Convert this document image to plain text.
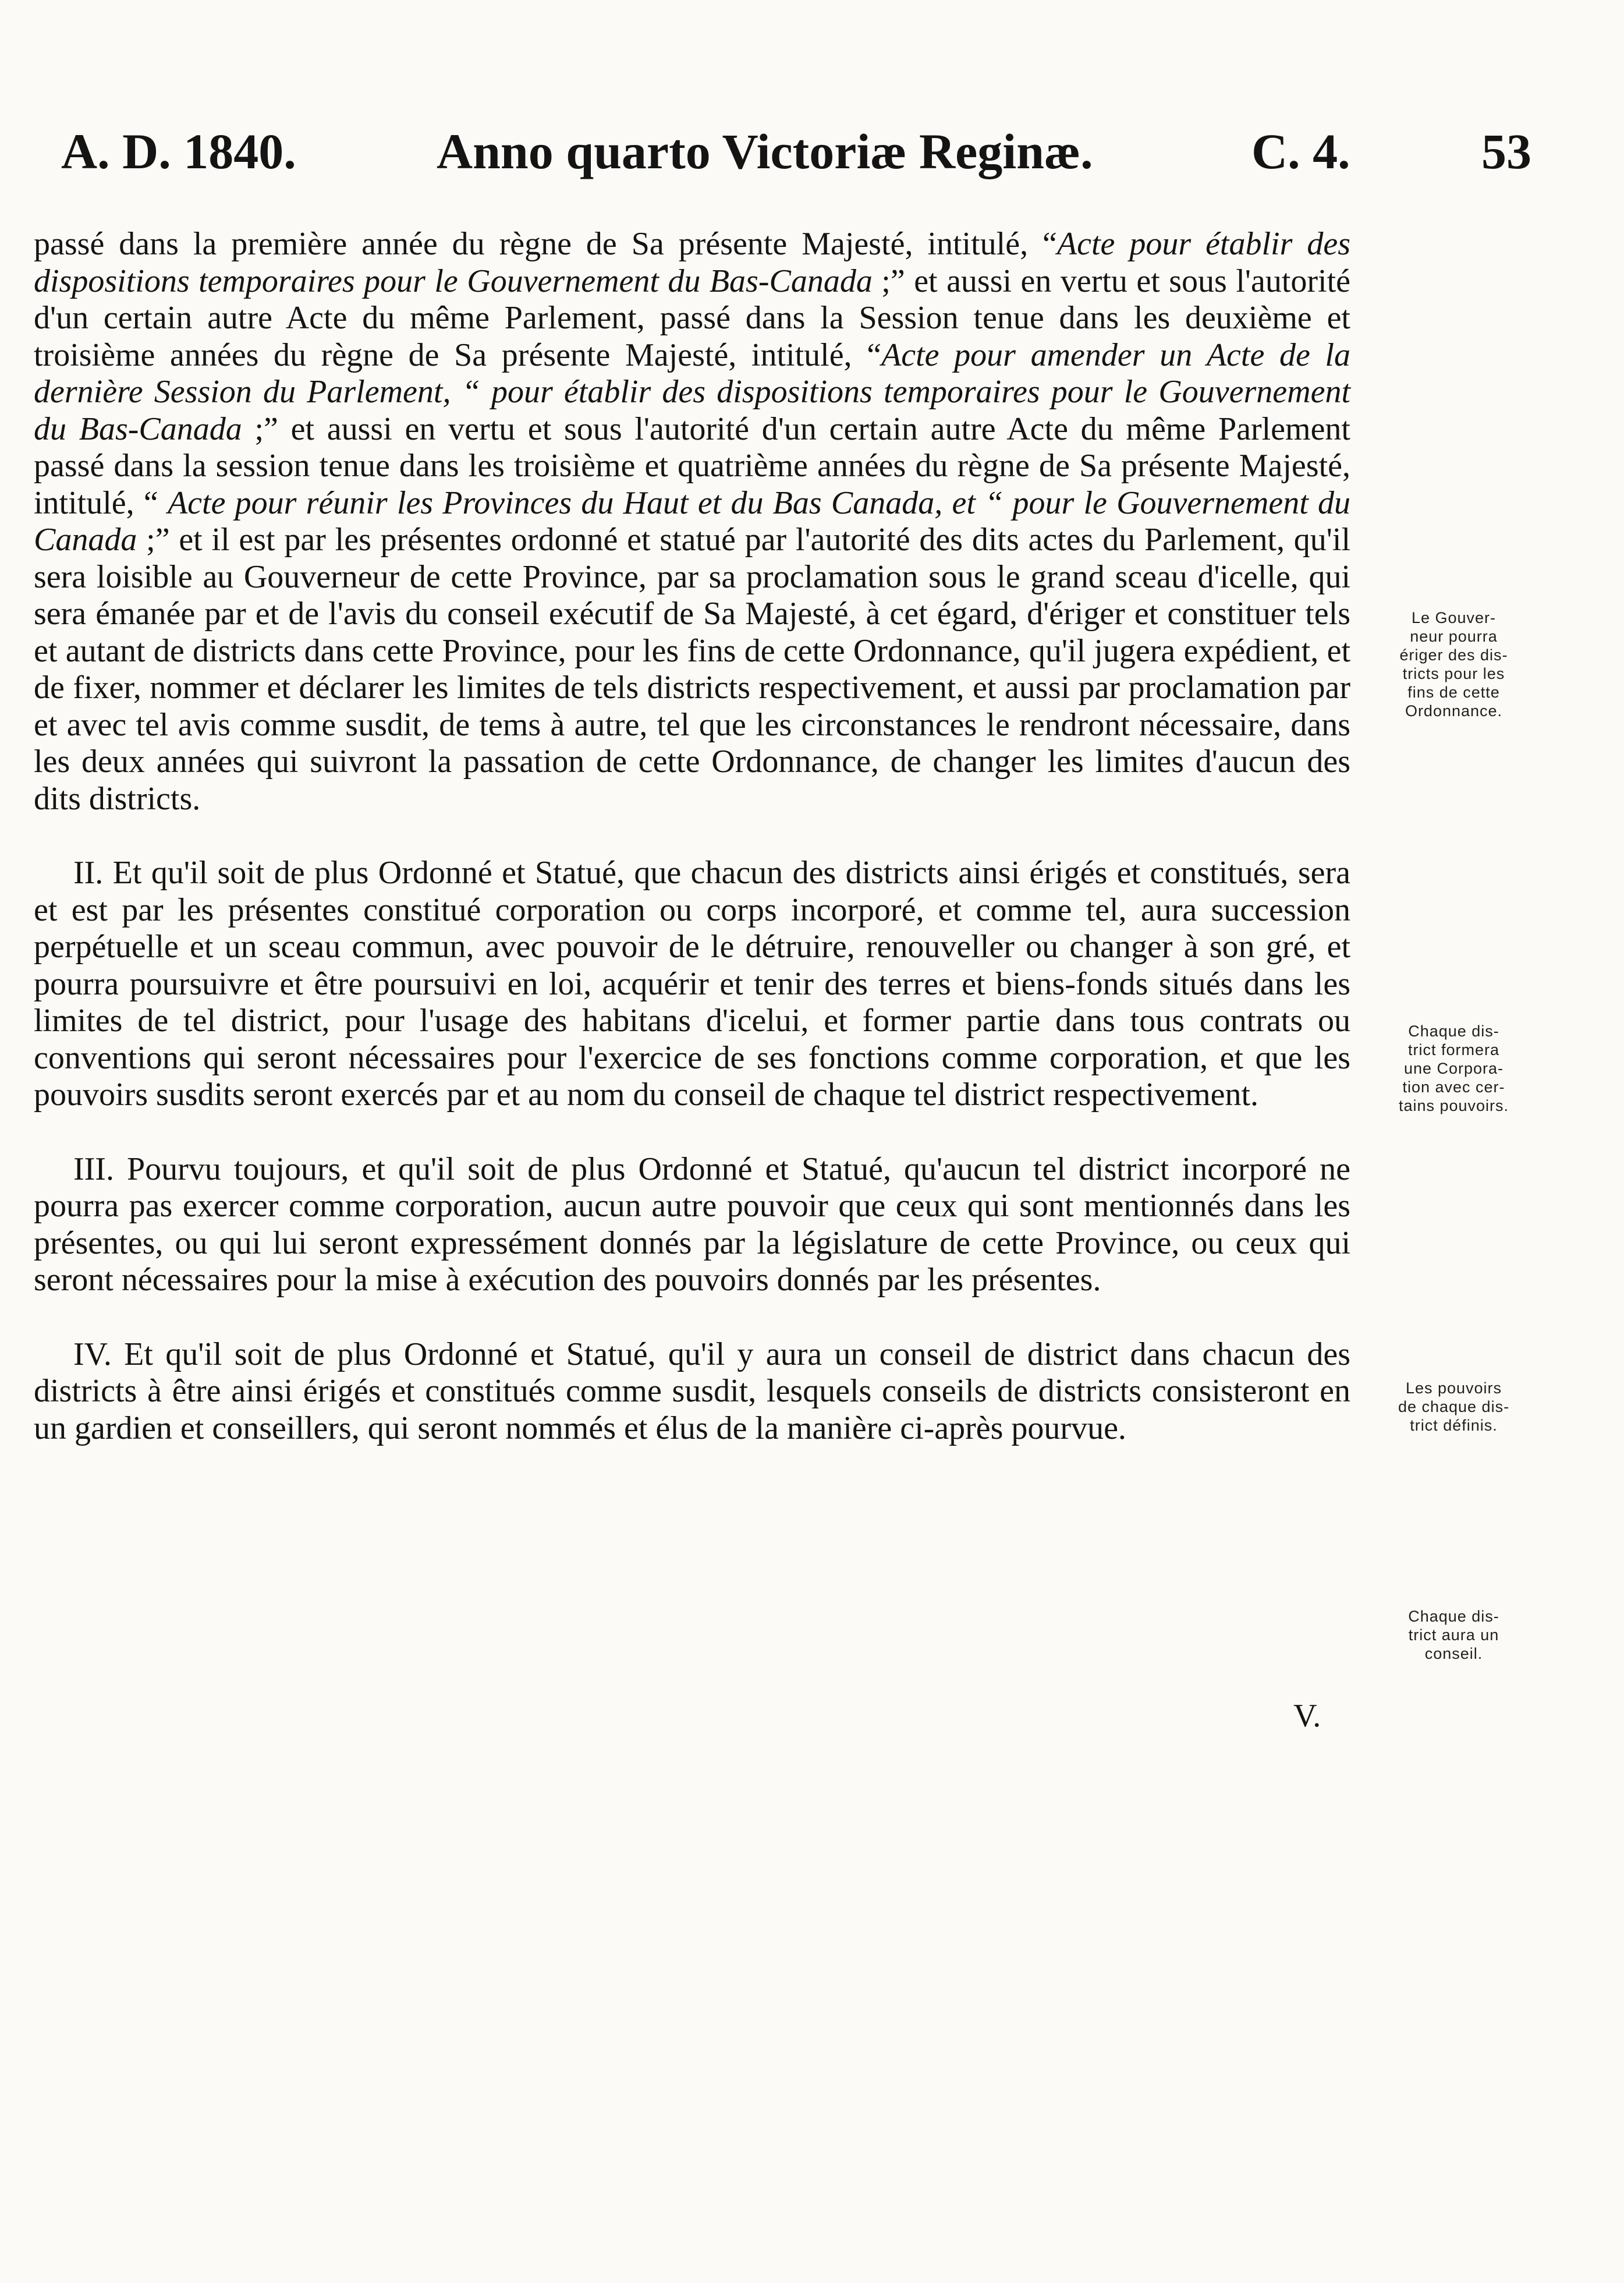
A. D. 1840.	Anno quarto Victoriæ Reginæ.	C. 4.	53

passé dans la première année du règne de Sa présente Majesté, intitulé, “Acte pour établir des dispositions temporaires pour le Gouvernement du Bas-Canada ;” et aussi en vertu et sous l'autorité d'un certain autre Acte du même Parlement, passé dans la Session tenue dans les deuxième et troisième années du règne de Sa présente Majesté, intitulé, “Acte pour amender un Acte de la dernière Session du Parlement, “ pour établir des dispositions temporaires pour le Gouvernement du Bas-Canada ;” et aussi en vertu et sous l'autorité d'un certain autre Acte du même Parlement passé dans la session tenue dans les troisième et quatrième années du règne de Sa présente Majesté, intitulé, “ Acte pour réunir les Provinces du Haut et du Bas Canada, et “ pour le Gouvernement du Canada ;” et il est par les présentes ordonné et statué par l'autorité des dits actes du Parlement, qu'il sera loisible au Gouverneur de cette Province, par sa proclamation sous le grand sceau d'icelle, qui sera émanée par et de l'avis du conseil exécutif de Sa Majesté, à cet égard, d'ériger et constituer tels et autant de districts dans cette Province, pour les fins de cette Ordonnance, qu'il jugera expédient, et de fixer, nommer et déclarer les limites de tels districts respectivement, et aussi par proclamation par et avec tel avis comme susdit, de tems à autre, tel que les circonstances le rendront nécessaire, dans les deux années qui suivront la passation de cette Ordonnance, de changer les limites d'aucun des dits districts.

II. Et qu'il soit de plus Ordonné et Statué, que chacun des districts ainsi érigés et constitués, sera et est par les présentes constitué corporation ou corps incorporé, et comme tel, aura succession perpétuelle et un sceau commun, avec pouvoir de le détruire, renouveller ou changer à son gré, et pourra poursuivre et être poursuivi en loi, acquérir et tenir des terres et biens-fonds situés dans les limites de tel district, pour l'usage des habitans d'icelui, et former partie dans tous contrats ou conventions qui seront nécessaires pour l'exercice de ses fonctions comme corporation, et que les pouvoirs susdits seront exercés par et au nom du conseil de chaque tel district respectivement.

III. Pourvu toujours, et qu'il soit de plus Ordonné et Statué, qu'aucun tel district incorporé ne pourra pas exercer comme corporation, aucun autre pouvoir que ceux qui sont mentionnés dans les présentes, ou qui lui seront expressément donnés par la législature de cette Province, ou ceux qui seront nécessaires pour la mise à exécution des pouvoirs donnés par les présentes.

IV. Et qu'il soit de plus Ordonné et Statué, qu'il y aura un conseil de district dans chacun des districts à être ainsi érigés et constitués comme susdit, lesquels conseils de districts consisteront en un gardien et conseillers, qui seront nommés et élus de la manière ci-après pourvue.

Le Gouver-
neur pourra
ériger des dis-
tricts pour les
fins de cette
Ordonnance.
Chaque dis-
trict formera
une Corpora-
tion avec cer-
tains pouvoirs.
Les pouvoirs
de chaque dis-
trict définis.
Chaque dis-
trict aura un
conseil.
V.
